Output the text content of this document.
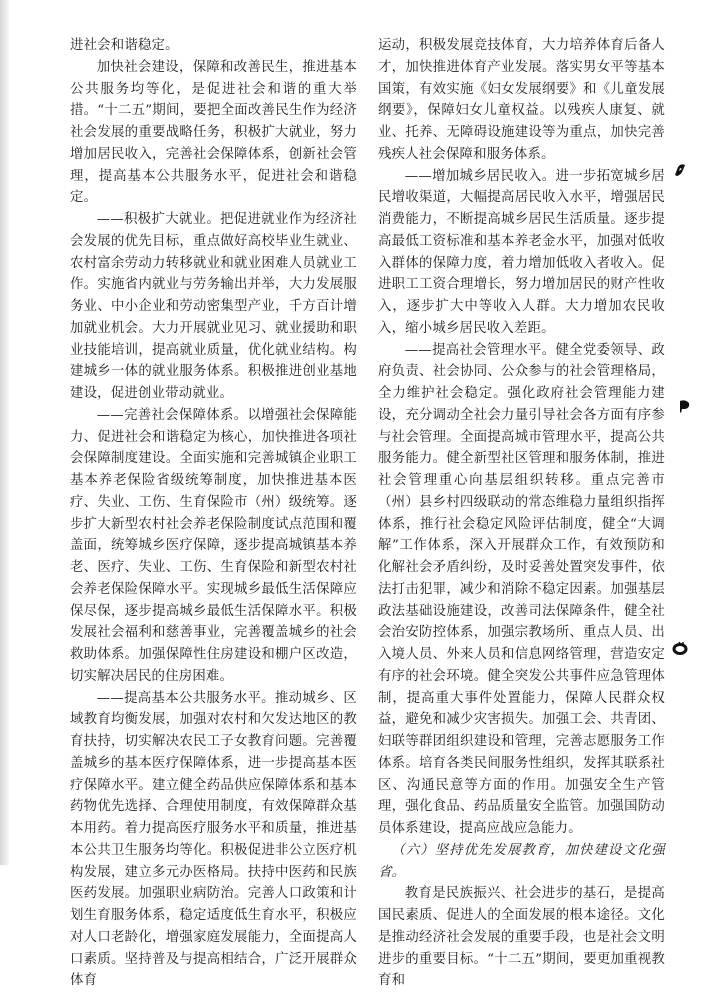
进社会和谐稳定。

加快社会建设，保障和改善民生，推进基本公共服务均等化，是促进社会和谐的重大举措。“十二五”期间，要把全面改善民生作为经济社会发展的重要战略任务，积极扩大就业，努力增加居民收入，完善社会保障体系，创新社会管理，提高基本公共服务水平，促进社会和谐稳定。

——积极扩大就业。把促进就业作为经济社会发展的优先目标，重点做好高校毕业生就业、农村富余劳动力转移就业和就业困难人员就业工作。实施省内就业与劳务输出并举，大力发展服务业、中小企业和劳动密集型产业，千方百计增加就业机会。大力开展就业见习、就业援助和职业技能培训，提高就业质量，优化就业结构。构建城乡一体的就业服务体系。积极推进创业基地建设，促进创业带动就业。

——完善社会保障体系。以增强社会保障能力、促进社会和谐稳定为核心，加快推进各项社会保障制度建设。全面实施和完善城镇企业职工基本养老保险省级统筹制度，加快推进基本医疗、失业、工伤、生育保险市（州）级统筹。逐步扩大新型农村社会养老保险制度试点范围和覆盖面，统筹城乡医疗保障，逐步提高城镇基本养老、医疗、失业、工伤、生育保险和新型农村社会养老保险保障水平。实现城乡最低生活保障应保尽保，逐步提高城乡最低生活保障水平。积极发展社会福利和慈善事业，完善覆盖城乡的社会救助体系。加强保障性住房建设和棚户区改造，切实解决居民的住房困难。

——提高基本公共服务水平。推动城乡、区域教育均衡发展，加强对农村和欠发达地区的教育扶持，切实解决农民工子女教育问题。完善覆盖城乡的基本医疗保障体系，进一步提高基本医疗保障水平。建立健全药品供应保障体系和基本药物优先选择、合理使用制度，有效保障群众基本用药。着力提高医疗服务水平和质量，推进基本公共卫生服务均等化。积极促进非公立医疗机构发展，建立多元办医格局。扶持中医药和民族医药发展。加强职业病防治。完善人口政策和计划生育服务体系，稳定适度低生育水平，积极应对人口老龄化，增强家庭发展能力，全面提高人口素质。坚持普及与提高相结合，广泛开展群众体育

运动，积极发展竞技体育，大力培养体育后备人才，加快推进体育产业发展。落实男女平等基本国策，有效实施《妇女发展纲要》和《儿童发展纲要》，保障妇女儿童权益。以残疾人康复、就业、托养、无障碍设施建设等为重点，加快完善残疾人社会保障和服务体系。

——增加城乡居民收入。进一步拓宽城乡居民增收渠道，大幅提高居民收入水平，增强居民消费能力，不断提高城乡居民生活质量。逐步提高最低工资标准和基本养老金水平，加强对低收入群体的保障力度，着力增加低收入者收入。促进职工工资合理增长，努力增加居民的财产性收入，逐步扩大中等收入人群。大力增加农民收入，缩小城乡居民收入差距。

——提高社会管理水平。健全党委领导、政府负责、社会协同、公众参与的社会管理格局，全力维护社会稳定。强化政府社会管理能力建设，充分调动全社会力量引导社会各方面有序参与社会管理。全面提高城市管理水平，提高公共服务能力。健全新型社区管理和服务体制，推进社会管理重心向基层组织转移。重点完善市（州）县乡村四级联动的常态维稳力量组织指挥体系，推行社会稳定风险评估制度，健全“大调解”工作体系，深入开展群众工作，有效预防和化解社会矛盾纠纷，及时妥善处置突发事件，依法打击犯罪，减少和消除不稳定因素。加强基层政法基础设施建设，改善司法保障条件，健全社会治安防控体系，加强宗教场所、重点人员、出入境人员、外来人员和信息网络管理，营造安定有序的社会环境。健全突发公共事件应急管理体制，提高重大事件处置能力，保障人民群众权益，避免和减少灾害损失。加强工会、共青团、妇联等群团组织建设和管理，完善志愿服务工作体系。培育各类民间服务性组织，发挥其联系社区、沟通民意等方面的作用。加强安全生产管理，强化食品、药品质量安全监管。加强国防动员体系建设，提高应战应急能力。

（六）坚持优先发展教育，加快建设文化强省。

教育是民族振兴、社会进步的基石，是提高国民素质、促进人的全面发展的根本途径。文化是推动经济社会发展的重要手段，也是社会文明进步的重要目标。“十二五”期间，要更加重视教育和
